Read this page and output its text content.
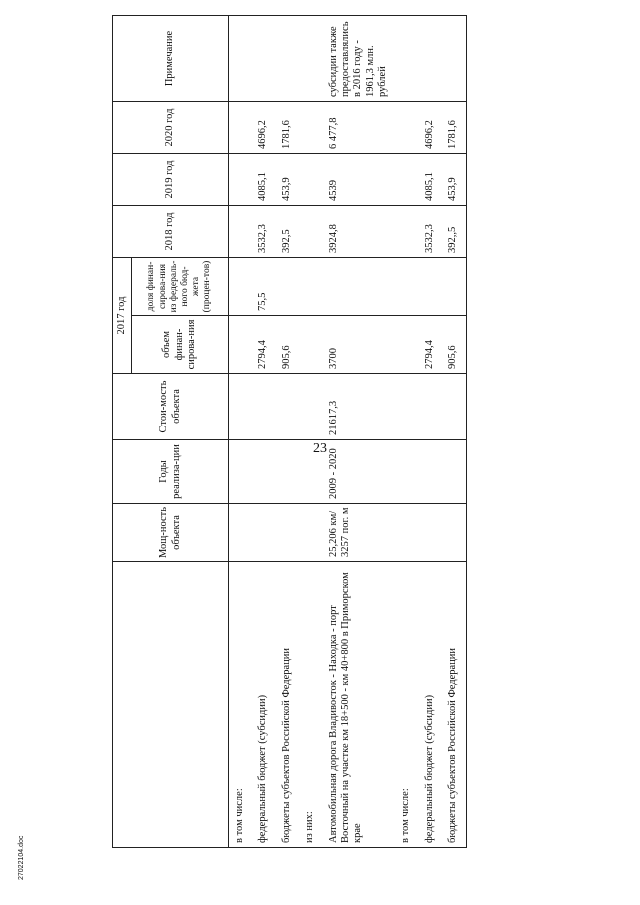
23
27022104.doc
	Мощ-ность объекта	Годы реализа-ции	Стои-мость объекта	2017 год		2018 год	2019 год	2020 год	Примечание
				объем финан-сирова-ния	доля финан-сирова-ния из федераль-ного бюд-жета (процен-тов)				
в том числе:									
федеральный бюджет (субсидии)				2794,4	75,5	3532,3	4085,1	4696,2	
бюджеты субъектов Российской Федерации				905,6		392,5	453,9	1781,6	
из них:									
Автомобильная дорога Владивосток - Находка - порт Восточный на участке км 18+500 - км 40+800 в Приморском крае	25,206 км/ 3257 пог. м	2009 - 2020	21617,3	3700		3924,8	4539	6 477,8	субсидии также предоставлялись в 2016 году - 1961,3 млн. рублей
в том числе:									
федеральный бюджет (субсидии)				2794,4		3532,3	4085,1	4696,2	
бюджеты субъектов Российской Федерации				905,6		392,,5	453,9	1781,6	
